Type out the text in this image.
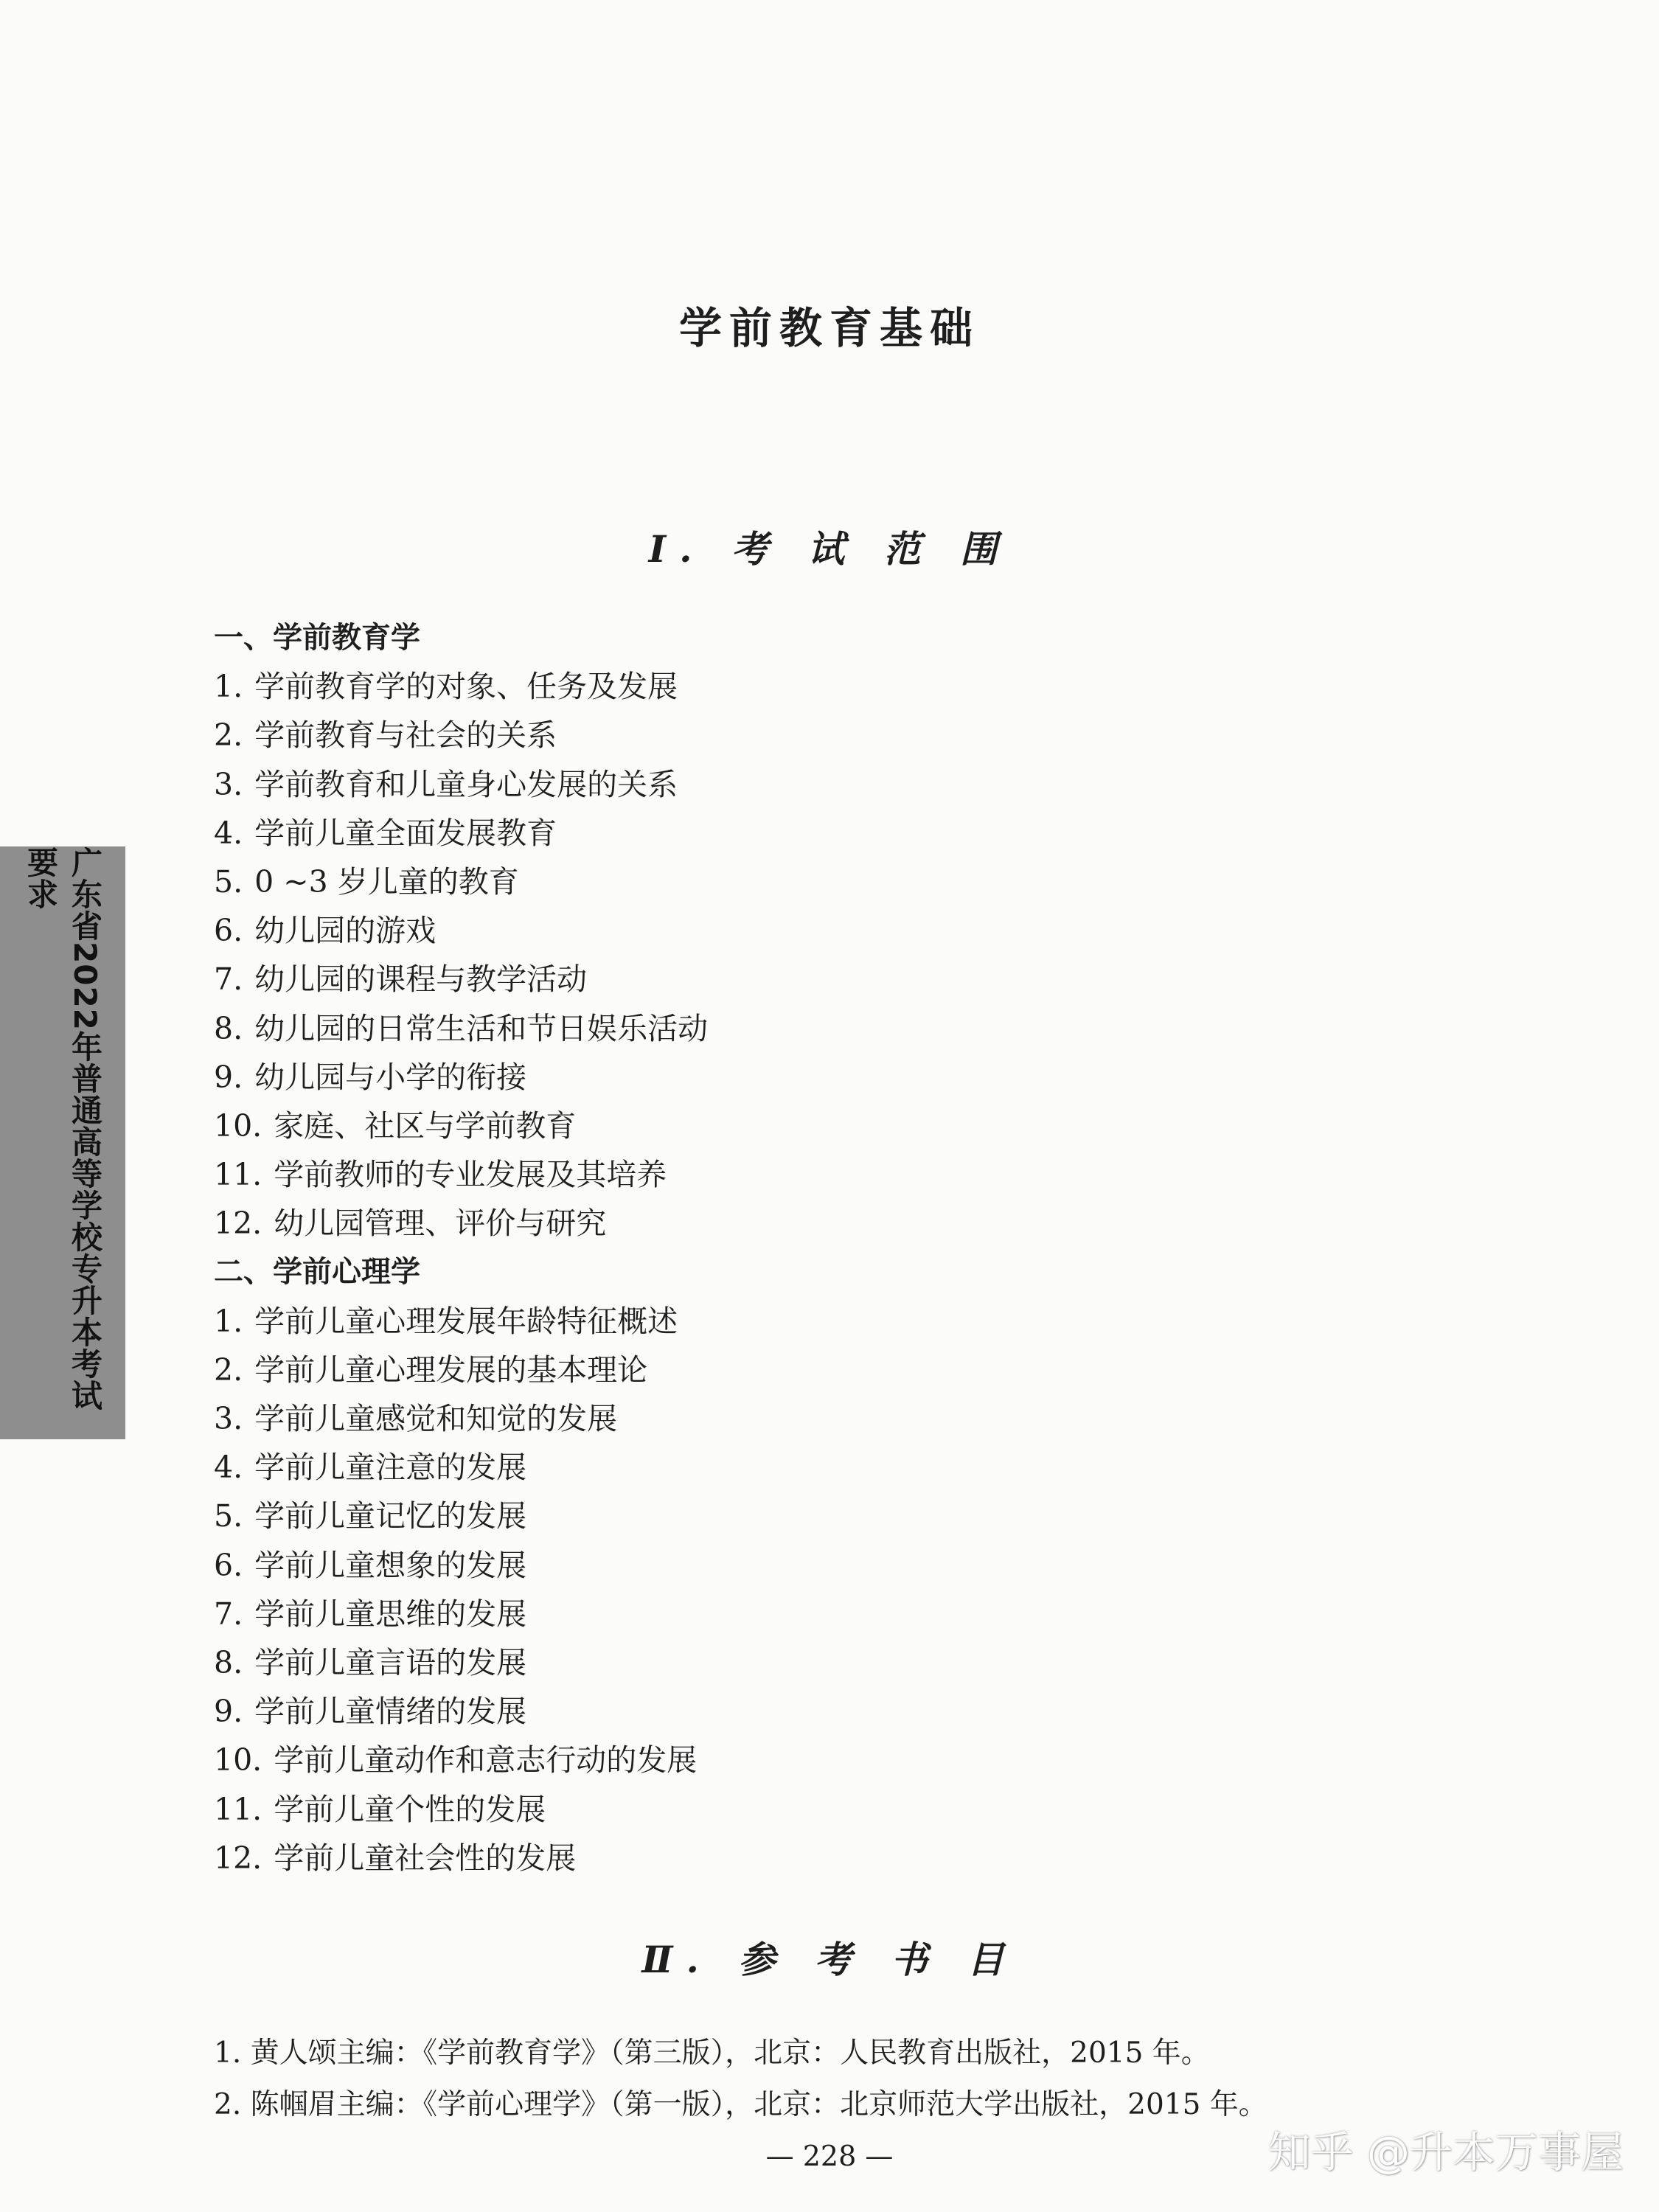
学前教育基础
Ⅰ. 考 试 范 围
一、学前教育学
1. 学前教育学的对象、任务及发展
2. 学前教育与社会的关系
3. 学前教育和儿童身心发展的关系
4. 学前儿童全面发展教育
5. 0 ~3 岁儿童的教育
6. 幼儿园的游戏
7. 幼儿园的课程与教学活动
8. 幼儿园的日常生活和节日娱乐活动
9. 幼儿园与小学的衔接
10. 家庭、社区与学前教育
11. 学前教师的专业发展及其培养
12. 幼儿园管理、评价与研究
二、学前心理学
1. 学前儿童心理发展年龄特征概述
2. 学前儿童心理发展的基本理论
3. 学前儿童感觉和知觉的发展
4. 学前儿童注意的发展
5. 学前儿童记忆的发展
6. 学前儿童想象的发展
7. 学前儿童思维的发展
8. 学前儿童言语的发展
9. 学前儿童情绪的发展
10. 学前儿童动作和意志行动的发展
11. 学前儿童个性的发展
12. 学前儿童社会性的发展
Ⅱ. 参 考 书 目
1. 黄人颂主编：《学前教育学》（第三版），北京：人民教育出版社，2015 年。
2. 陈帼眉主编：《学前心理学》（第一版），北京：北京师范大学出版社，2015 年。
— 228 —
广东省2022年普通高等学校专升本考试要求
知乎 @升本万事屋
